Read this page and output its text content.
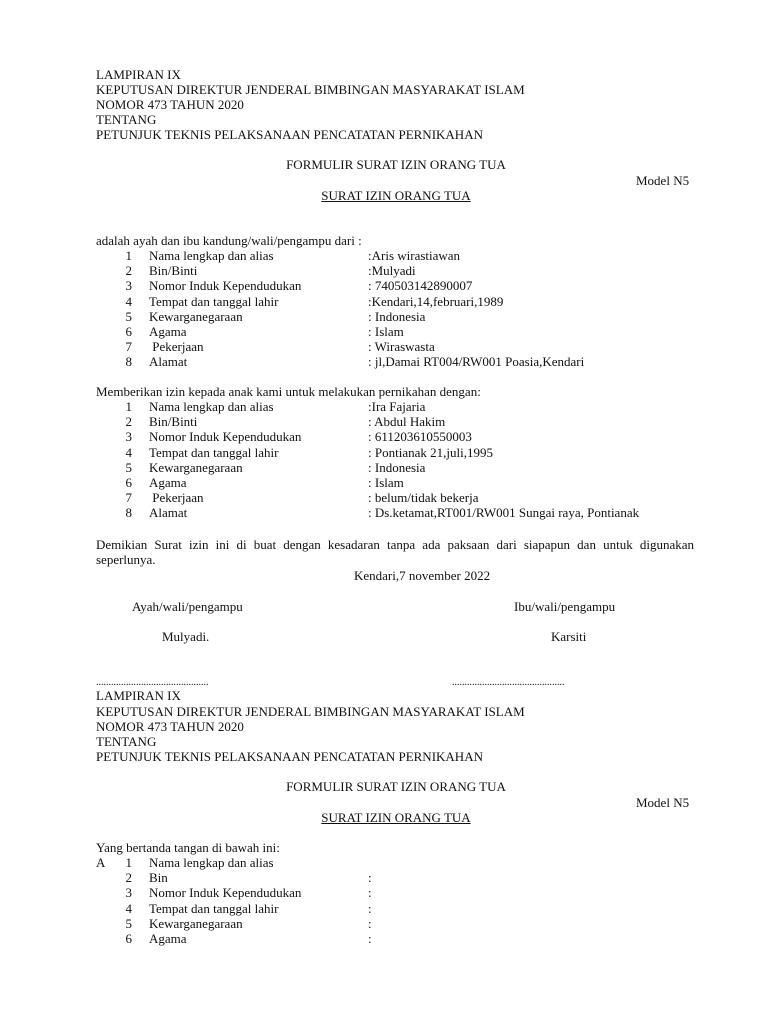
LAMPIRAN IX
KEPUTUSAN DIREKTUR JENDERAL BIMBINGAN MASYARAKAT ISLAM
NOMOR 473 TAHUN 2020
TENTANG
PETUNJUK TEKNIS PELAKSANAAN PENCATATAN PERNIKAHAN
FORMULIR SURAT IZIN ORANG TUA
Model N5
SURAT IZIN ORANG TUA
adalah ayah dan ibu kandung/wali/pengampu dari :
1 Nama lengkap dan alias	:Aris wirastiawan
2 Bin/Binti	:Mulyadi
3 Nomor Induk Kependudukan	: 740503142890007
4 Tempat dan tanggal lahir	:Kendari,14,februari,1989
5 Kewarganegaraan	: Indonesia
6 Agama	: Islam
7 Pekerjaan	: Wiraswasta
8 Alamat	: jl,Damai RT004/RW001 Poasia,Kendari
Memberikan izin kepada anak kami untuk melakukan pernikahan dengan:
1 Nama lengkap dan alias	:Ira Fajaria
2 Bin/Binti	: Abdul Hakim
3 Nomor Induk Kependudukan	: 611203610550003
4 Tempat dan tanggal lahir	: Pontianak 21,juli,1995
5 Kewarganegaraan	: Indonesia
6 Agama	: Islam
7 Pekerjaan	: belum/tidak bekerja
8 Alamat	: Ds.ketamat,RT001/RW001 Sungai raya, Pontianak
Demikian Surat izin ini di buat dengan kesadaran tanpa ada paksaan dari siapapun dan untuk digunakan seperlunya.
Kendari,7 november 2022
Ayah/wali/pengampu	Ibu/wali/pengampu
Mulyadi.	Karsiti
.............................................	.............................................
LAMPIRAN IX
KEPUTUSAN DIREKTUR JENDERAL BIMBINGAN MASYARAKAT ISLAM
NOMOR 473 TAHUN 2020
TENTANG
PETUNJUK TEKNIS PELAKSANAAN PENCATATAN PERNIKAHAN
FORMULIR SURAT IZIN ORANG TUA
Model N5
SURAT IZIN ORANG TUA
Yang bertanda tangan di bawah ini:
A	1 Nama lengkap dan alias
2 Bin	:
3 Nomor Induk Kependudukan	:
4 Tempat dan tanggal lahir	:
5 Kewarganegaraan	:
6 Agama	:
